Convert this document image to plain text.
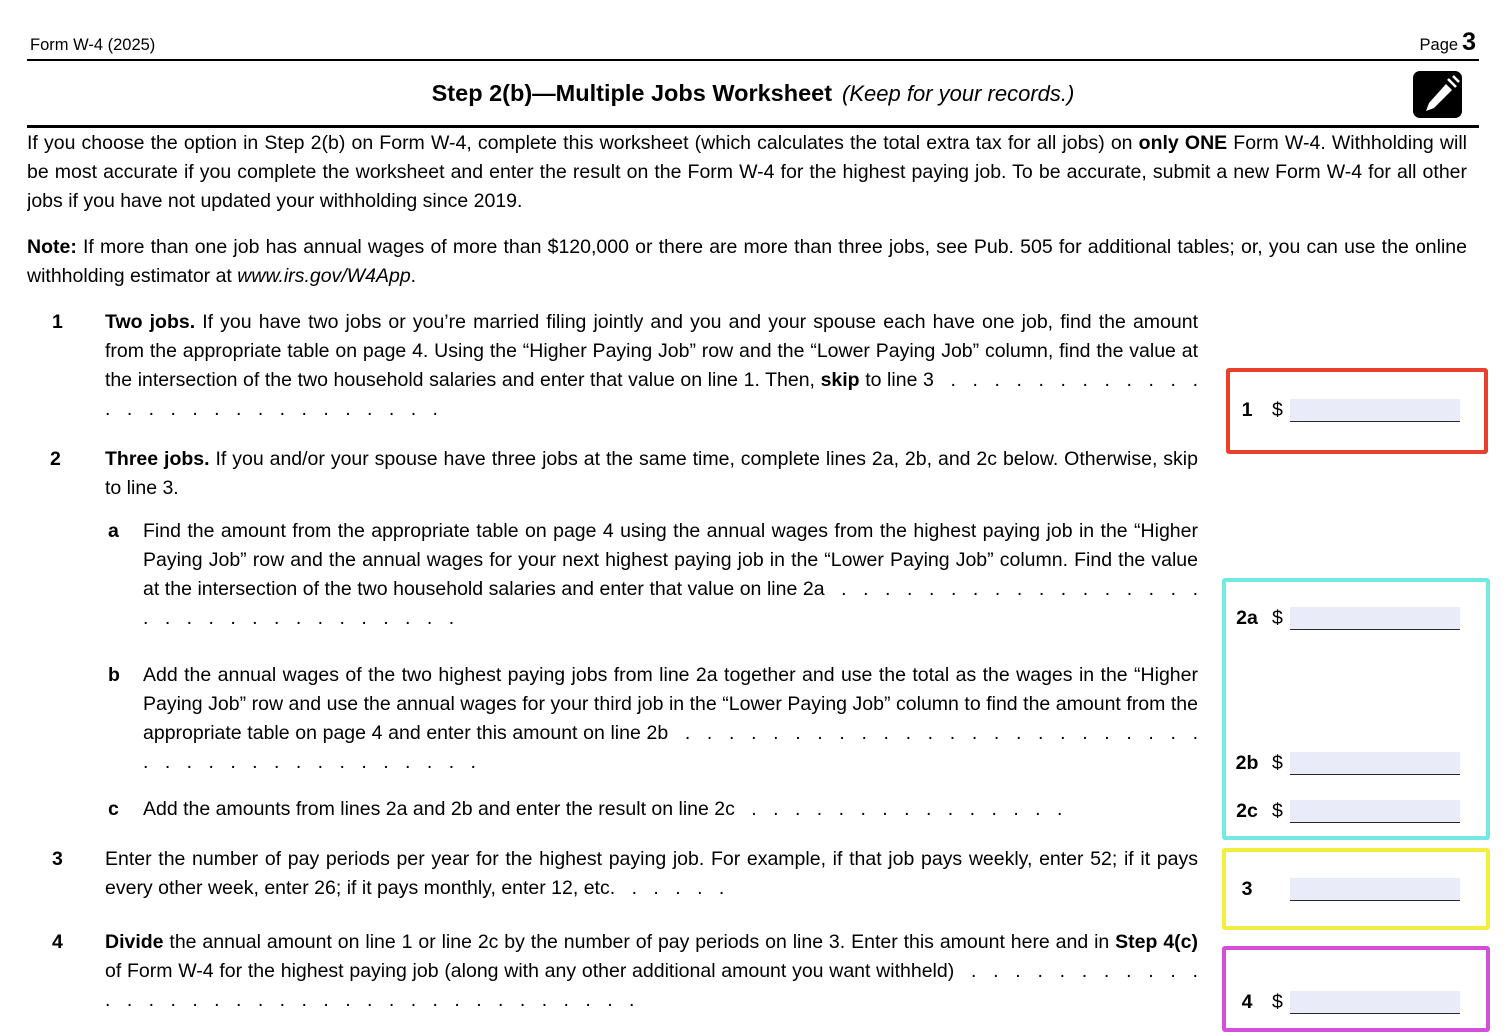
Form W-4 (2025)	Page 3
Step 2(b)—Multiple Jobs Worksheet (Keep for your records.)

If you choose the option in Step 2(b) on Form W-4, complete this worksheet (which calculates the total extra tax for all jobs) on only ONE Form W-4. Withholding will be most accurate if you complete the worksheet and enter the result on the Form W-4 for the highest paying job. To be accurate, submit a new Form W-4 for all other jobs if you have not updated your withholding since 2019.

Note: If more than one job has annual wages of more than $120,000 or there are more than three jobs, see Pub. 505 for additional tables; or, you can use the online withholding estimator at www.irs.gov/W4App.

1 Two jobs. If you have two jobs or you’re married filing jointly and you and your spouse each have one job, find the amount from the appropriate table on page 4. Using the “Higher Paying Job” row and the “Lower Paying Job” column, find the value at the intersection of the two household salaries and enter that value on line 1. Then, skip to line 3 . . . . . . . . . . . . . . . . . . . . . . . . . . . .
2 Three jobs. If you and/or your spouse have three jobs at the same time, complete lines 2a, 2b, and 2c below. Otherwise, skip to line 3.
a Find the amount from the appropriate table on page 4 using the annual wages from the highest paying job in the “Higher Paying Job” row and the annual wages for your next highest paying job in the “Lower Paying Job” column. Find the value at the intersection of the two household salaries and enter that value on line 2a . . . . . . . . . . . . . . . . . . . . . . . . . . . . . . . .
b Add the annual wages of the two highest paying jobs from line 2a together and use the total as the wages in the “Higher Paying Job” row and use the annual wages for your third job in the “Lower Paying Job” column to find the amount from the appropriate table on page 4 and enter this amount on line 2b . . . . . . . . . . . . . . . . . . . . . . . . . . . . . . . . . . . . . . . .
c Add the amounts from lines 2a and 2b and enter the result on line 2c . . . . . . . . . . . . . . .
3 Enter the number of pay periods per year for the highest paying job. For example, if that job pays weekly, enter 52; if it pays every other week, enter 26; if it pays monthly, enter 12, etc. . . . . .
4 Divide the annual amount on line 1 or line 2c by the number of pay periods on line 3. Enter this amount here and in Step 4(c) of Form W-4 for the highest paying job (along with any other additional amount you want withheld) . . . . . . . . . . . . . . . . . . . . . . . . . . . . . . . . . . . .
1	$
2a $
2b $
2c $
3
4	$
